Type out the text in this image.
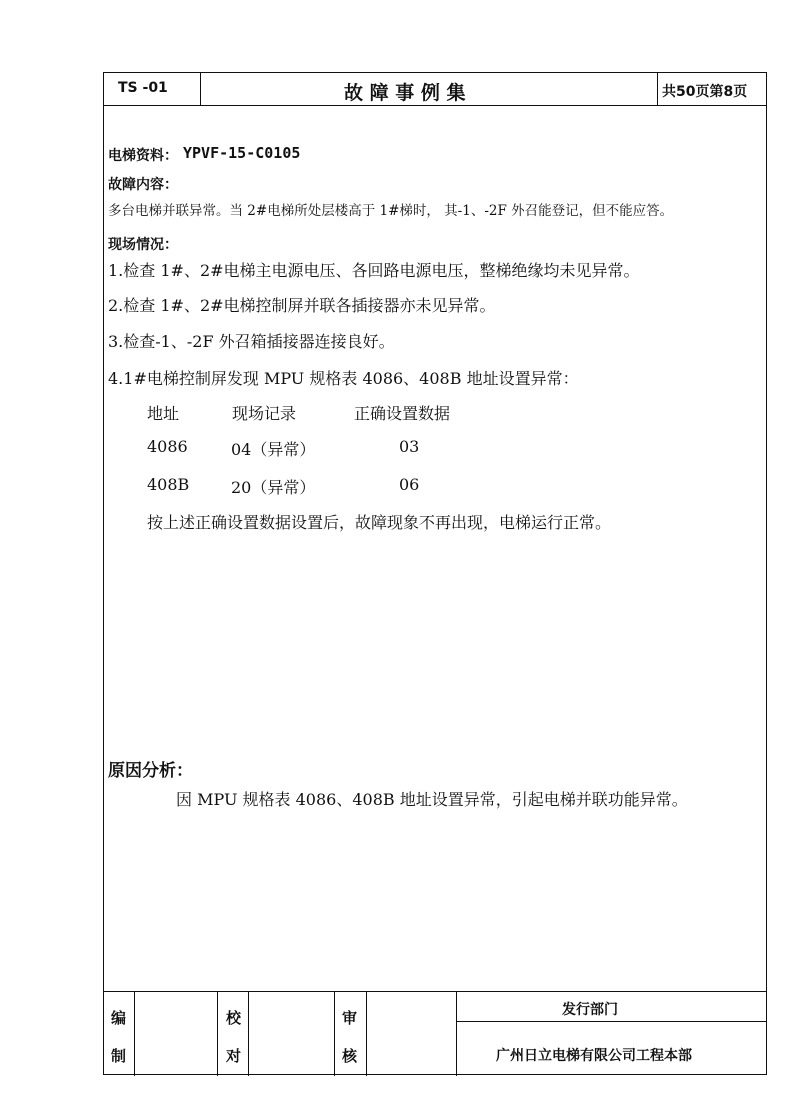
TS -01	故 障 事 例 集	共50页第8页
编
制
校
对
审
核
发行部门
广州日立电梯有限公司工程本部
电梯资料： YPVF-15-C0105
故障内容：
多台电梯并联异常。当 2#电梯所处层楼高于 1#梯时， 其-1、-2F 外召能登记，但不能应答。
现场情况：
1.检查 1#、2#电梯主电源电压、各回路电源电压，整梯绝缘均未见异常。
2.检查 1#、2#电梯控制屏并联各插接器亦未见异常。
3.检查-1、-2F 外召箱插接器连接良好。
4.1#电梯控制屏发现 MPU 规格表 4086、408B 地址设置异常：
地址	现场记录	正确设置数据
4086	04（异常）	03
408B	20（异常）	06
按上述正确设置数据设置后，故障现象不再出现，电梯运行正常。
原因分析：
因 MPU 规格表 4086、408B 地址设置异常，引起电梯并联功能异常。
